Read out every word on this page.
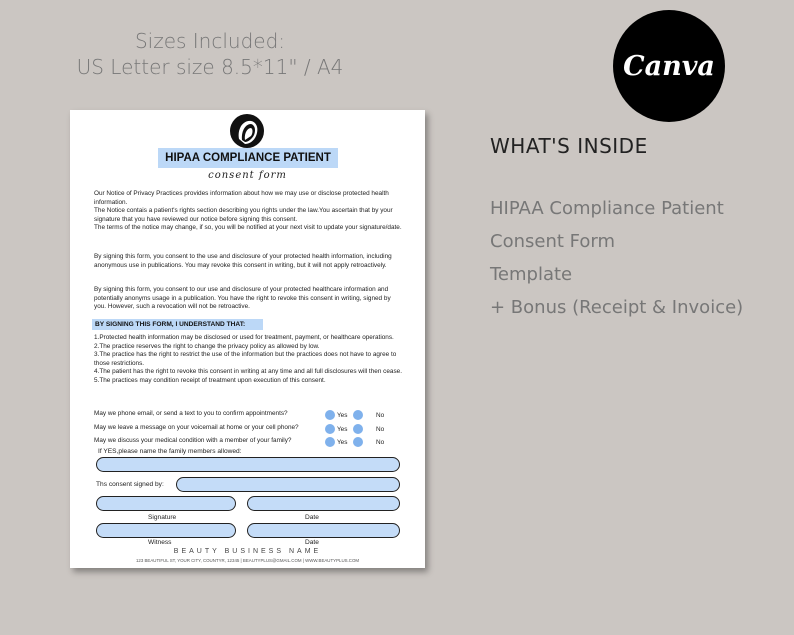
Sizes Included:
US Letter size 8.5*11" / A4	Canva
WHAT'S INSIDE
HIPAA Compliance Patient
Consent Form
Template
+ Bonus (Receipt & Invoice)
HIPAA COMPLIANCE PATIENT
consent form
Our Notice of Privacy Practices provides information about how we may use or disclose protected health information.
The Notice contais a patient's rights section describing you rights under the law.You ascertain that by your signature that you have reviewed our notice before signing this consent.
The terms of the notice may change, if so, you will be notified at your next visit to update your signature/date.
By signing this form, you consent to the use and disclosure of your protected health information, including anonymous use in publications. You may revoke this consent in writing, but it will not apply retroactively.
By signing this form, you consent to our use and disclosure of your protected healthcare information and potentially anonyms usage in a publication. You have the right to revoke this consent in writing, signed by you. However, such a revocation will not be retroactive.
BY SIGNING THIS FORM, I UNDERSTAND THAT:
1.Protected health information may be disclosed or used for treatment, payment, or healthcare operations.
2.The practice reserves the right to change the privacy policy as allowed by low.
3.The practice has the right to restrict the use of the information but the practices does not have to agree to those restrictions.
4.The patient has the right to revoke this consent in writing at any time and all full disclosures will then cease.
5.The practices may condition receipt of treatment upon execution of this consent.
May we phone email, or send a text to you to confirm appointments?	Yes	No
May we leave a message on your voicemail at home or your cell phone?	Yes	No
May we discuss your medical condition with a member of your family?	Yes	No
If YES,please name the family members allowed:
Ths consent signed by:
Signature	Date
Witness	Date
BEAUTY BUSINESS NAME
123 BEAUTIFUL ST, YOUR CITY, COUNTYR, 12345 | BEAUTYPLUS@GMAIL.COM | WWW.BEAUTYPLUS.COM
